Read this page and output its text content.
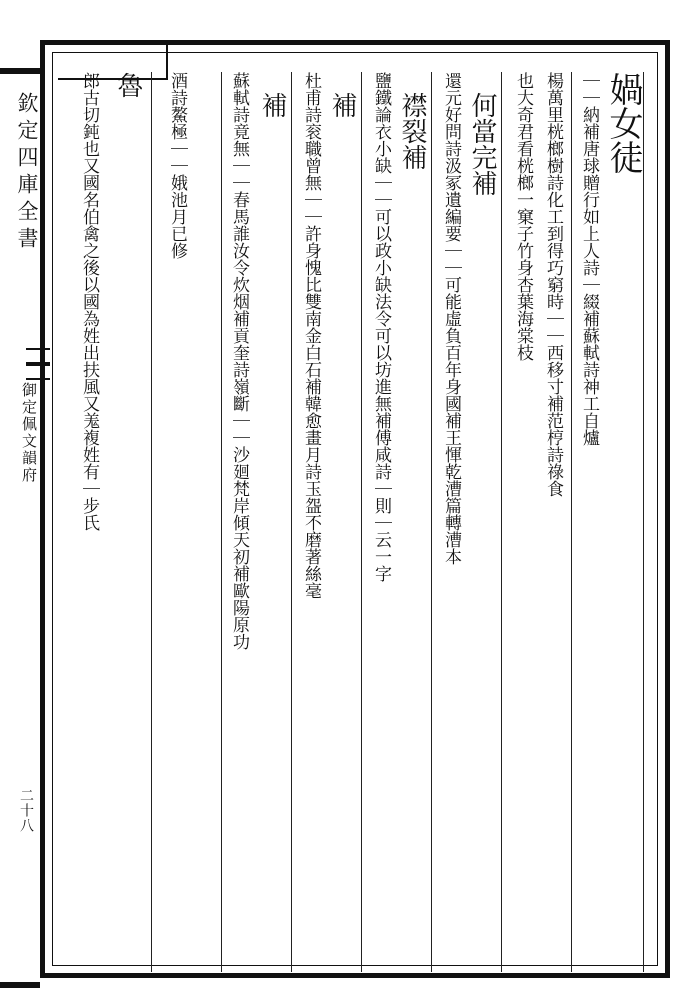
欽定四庫全書
御定佩文韻府
二十八
媧女徒
｜｜納補唐球贈行如上人詩｜綴補蘇軾詩神工自爐
楊萬里桄榔樹詩化工到得巧窮時｜｜西移寸補范梈詩祿食
也大奇君看桄榔一窠子竹身杏葉海棠枝
何當完補
還元好問詩汲冢遺編要｜｜可能虛負百年身國補王惲乾漕篇轉漕本
襟裂補
鹽鐵論衣小缺｜｜可以政小缺法令可以坊進無補傅咸詩｜則｜云一字
補
杜甫詩衮職曾無｜｜許身愧比雙南金白石補韓愈畫月詩玉盌不磨著絲毫
補
蘇軾詩竟無｜｜春馬誰汝令炊烟補貢奎詩嶺斷｜｜沙廻梵岸傾天初補歐陽原功
酒詩鰲極｜｜娥池月已修
魯
郎古切鈍也又國名伯禽之後以國為姓出扶風又羗複姓有｜步氏
